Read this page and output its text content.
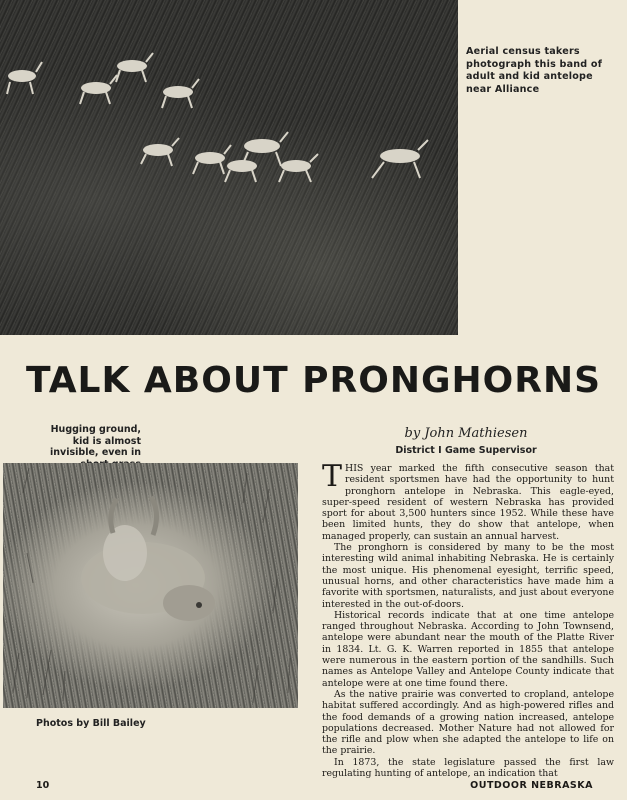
Aerial census takers photograph this band of adult and kid antelope near Alliance

TALK ABOUT PRONGHORNS

Hugging ground, kid is almost invisible, even in

Photos by Bill Bailey

by John Mathiesen

District I Game Supervisor

THIS year marked the fifth consecutive season that resident sportsmen have had the opportunity to hunt pronghorn antelope in Nebraska. This eagle-eyed, super-speed resident of western Nebraska has provided sport for about 3,500 hunters since 1952. While these have been limited hunts, they do show that antelope, when managed properly, can sustain an annual harvest.

The pronghorn is considered by many to be the most interesting wild animal inhabiting Nebraska. He is certainly the most unique. His phenomenal eyesight, terrific speed, unusual horns, and other characteristics have made him a favorite with sportsmen, naturalists, and just about everyone interested in the out-of-doors.

Historical records indicate that at one time antelope ranged throughout Nebraska. According to John Townsend, antelope were abundant near the mouth of the Platte River in 1834. Lt. G. K. Warren reported in 1855 that antelope were numerous in the eastern portion of the sandhills. Such names as Antelope Valley and Antelope County indicate that antelope were at one time found there.

As the native prairie was converted to cropland, antelope habitat suffered accordingly. And as high-powered rifles and the food demands of a growing nation increased, antelope populations decreased. Mother Nature had not allowed for the rifle and plow when she adapted the antelope to life on the prairie.

In 1873, the state legislature passed the first law regulating hunting of antelope, an indication that

10	OUTDOOR NEBRASKA
